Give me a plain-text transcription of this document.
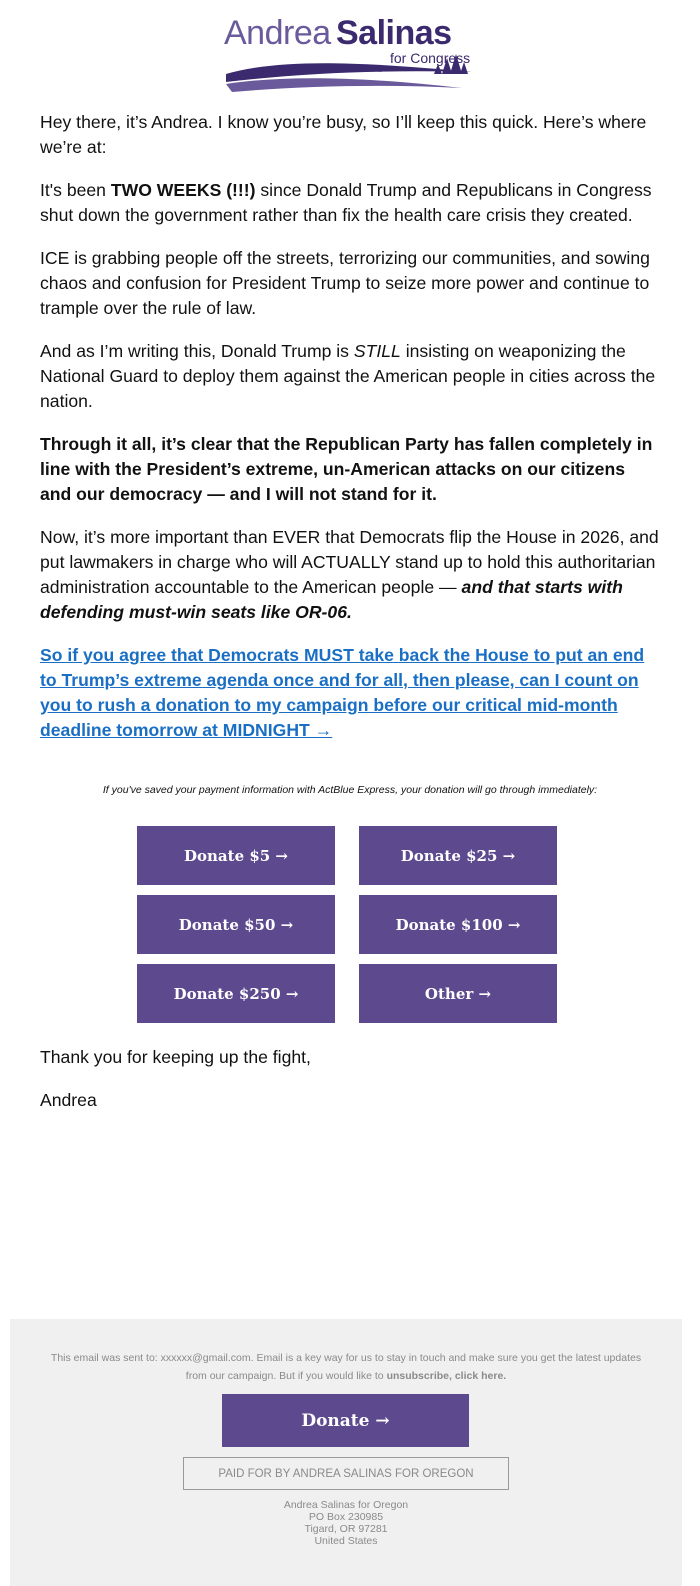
Andrea Salinas
for Congress

Hey there, it’s Andrea. I know you’re busy, so I’ll keep this quick. Here’s where we’re at:

It's been TWO WEEKS (!!!) since Donald Trump and Republicans in Congress shut down the government rather than fix the health care crisis they created.

ICE is grabbing people off the streets, terrorizing our communities, and sowing chaos and confusion for President Trump to seize more power and continue to trample over the rule of law.

And as I’m writing this, Donald Trump is STILL insisting on weaponizing the National Guard to deploy them against the American people in cities across the nation.

Through it all, it’s clear that the Republican Party has fallen completely in line with the President’s extreme, un-American attacks on our citizens and our democracy — and I will not stand for it.

Now, it’s more important than EVER that Democrats flip the House in 2026, and put lawmakers in charge who will ACTUALLY stand up to hold this authoritarian administration accountable to the American people — and that starts with defending must-win seats like OR-06.

So if you agree that Democrats MUST take back the House to put an end to Trump’s extreme agenda once and for all, then please, can I count on you to rush a donation to my campaign before our critical mid-month deadline tomorrow at MIDNIGHT →

If you've saved your payment information with ActBlue Express, your donation will go through immediately:
Donate $5 →	Donate $25 →
Donate $50 →	Donate $100 →
Donate $250 →	Other →
Thank you for keeping up the fight,
Andrea
This email was sent to: xxxxxx@gmail.com. Email is a key way for us to stay in touch and make sure you get the latest updates from our campaign. But if you would like to unsubscribe, click here.
Donate →
PAID FOR BY ANDREA SALINAS FOR OREGON
Andrea Salinas for Oregon
PO Box 230985
Tigard, OR 97281
United States
